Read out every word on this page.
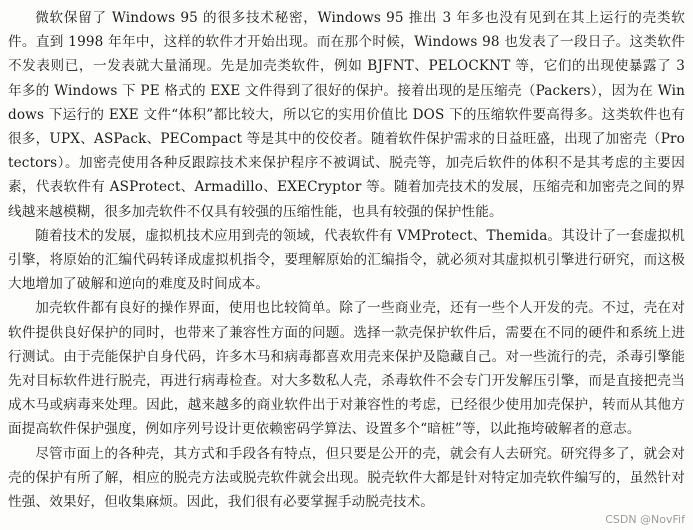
微软保留了 Windows 95 的很多技术秘密，Windows 95 推出 3 年多也没有见到在其上运行的壳类软件。直到 1998 年年中，这样的软件才开始出现。而在那个时候，Windows 98 也发表了一段日子。这类软件不发表则已，一发表就大量涌现。先是加壳类软件，例如 BJFNT、PELOCKNT 等，它们的出现使暴露了 3 年多的 Windows 下 PE 格式的 EXE 文件得到了很好的保护。接着出现的是压缩壳（Packers），因为在 Windows 下运行的 EXE 文件“体积”都比较大，所以它的实用价值比 DOS 下的压缩软件要高得多。这类软件也有很多，UPX、ASPack、PECompact 等是其中的佼佼者。随着软件保护需求的日益旺盛，出现了加密壳（Protectors）。加密壳使用各种反跟踪技术来保护程序不被调试、脱壳等，加壳后软件的体积不是其考虑的主要因素，代表软件有 ASProtect、Armadillo、EXECryptor 等。随着加壳技术的发展，压缩壳和加密壳之间的界线越来越模糊，很多加壳软件不仅具有较强的压缩性能，也具有较强的保护性能。

随着技术的发展，虚拟机技术应用到壳的领域，代表软件有 VMProtect、Themida。其设计了一套虚拟机引擎，将原始的汇编代码转译成虚拟机指令，要理解原始的汇编指令，就必须对其虚拟机引擎进行研究，而这极大地增加了破解和逆向的难度及时间成本。

加壳软件都有良好的操作界面，使用也比较简单。除了一些商业壳，还有一些个人开发的壳。不过，壳在对软件提供良好保护的同时，也带来了兼容性方面的问题。选择一款壳保护软件后，需要在不同的硬件和系统上进行测试。由于壳能保护自身代码，许多木马和病毒都喜欢用壳来保护及隐藏自己。对一些流行的壳，杀毒引擎能先对目标软件进行脱壳，再进行病毒检查。对大多数私人壳，杀毒软件不会专门开发解压引擎，而是直接把壳当成木马或病毒来处理。因此，越来越多的商业软件出于对兼容性的考虑，已经很少使用加壳保护，转而从其他方面提高软件保护强度，例如序列号设计更依赖密码学算法、设置多个“暗桩”等，以此拖垮破解者的意志。

尽管市面上的各种壳，其方式和手段各有特点，但只要是公开的壳，就会有人去研究。研究得多了，就会对壳的保护有所了解，相应的脱壳方法或脱壳软件就会出现。脱壳软件大都是针对特定加壳软件编写的，虽然针对性强、效果好，但收集麻烦。因此，我们很有必要掌握手动脱壳技术。

CSDN @NovFif
